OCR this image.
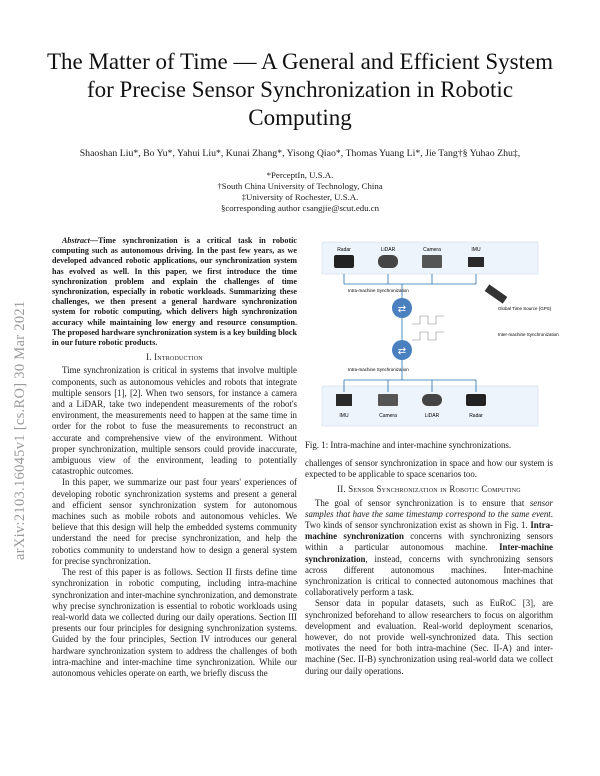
arXiv:2103.16045v1 [cs.RO] 30 Mar 2021
The Matter of Time — A General and Efficient System for Precise Sensor Synchronization in Robotic Computing
Shaoshan Liu*, Bo Yu*, Yahui Liu*, Kunai Zhang*, Yisong Qiao*, Thomas Yuang Li*, Jie Tang†§ Yuhao Zhu‡,
*PerceptIn, U.S.A.
†South China University of Technology, China
‡University of Rochester, U.S.A.
§corresponding author csangjie@scut.edu.cn

Abstract—Time synchronization is a critical task in robotic computing such as autonomous driving. In the past few years, as we developed advanced robotic applications, our synchronization system has evolved as well. In this paper, we first introduce the time synchronization problem and explain the challenges of time synchronization, especially in robotic workloads. Summarizing these challenges, we then present a general hardware synchronization system for robotic computing, which delivers high synchronization accuracy while maintaining low energy and resource consumption. The proposed hardware synchronization system is a key building block in our future robotic products.

I. Introduction

Time synchronization is critical in systems that involve multiple components, such as autonomous vehicles and robots that integrate multiple sensors [1], [2]. When two sensors, for instance a camera and a LiDAR, take two independent measurements of the robot's environment, the measurements need to happen at the same time in order for the robot to fuse the measurements to reconstruct an accurate and comprehensive view of the environment. Without proper synchronization, multiple sensors could provide inaccurate, ambiguous view of the environment, leading to potentially catastrophic outcomes.

In this paper, we summarize our past four years' experiences of developing robotic synchronization systems and present a general and efficient sensor synchronization system for autonomous machines such as mobile robots and autonomous vehicles. We believe that this design will help the embedded systems community understand the need for precise synchronization, and help the robotics community to understand how to design a general system for precise synchronization.

The rest of this paper is as follows. Section II firsts define time synchronization in robotic computing, including intra-machine synchronization and inter-machine synchronization, and demonstrate why precise synchronization is essential to robotic workloads using real-world data we collected during our daily operations. Section III presents our four principles for designing synchronization systems. Guided by the four principles, Section IV introduces our general hardware synchronization system to address the challenges of both intra-machine and inter-machine time synchronization. While our autonomous vehicles operate on earth, we briefly discuss the

Radar	LiDAR	Camera	IMU
Intra-machine Synchronization
⇄	Global Time Source (GPS)
Inter-machine Synchronization
⇄
Intra-machine Synchronization
IMU	Camera	LiDAR	Radar
Fig. 1: Intra-machine and inter-machine synchronizations.

challenges of sensor synchronization in space and how our system is expected to be applicable to space scenarios too.

II. Sensor Synchronization in Robotic Computing

The goal of sensor synchronization is to ensure that sensor samples that have the same timestamp correspond to the same event. Two kinds of sensor synchronization exist as shown in Fig. 1. Intra-machine synchronization concerns with synchronizing sensors within a particular autonomous machine. Inter-machine synchronization, instead, concerns with synchronizing sensors across different autonomous machines. Inter-machine synchronization is critical to connected autonomous machines that collaboratively perform a task.

Sensor data in popular datasets, such as EuRoC [3], are synchronized beforehand to allow researchers to focus on algorithm development and evaluation. Real-world deployment scenarios, however, do not provide well-synchronized data. This section motivates the need for both intra-machine (Sec. II-A) and inter-machine (Sec. II-B) synchronization using real-world data we collect during our daily operations.
